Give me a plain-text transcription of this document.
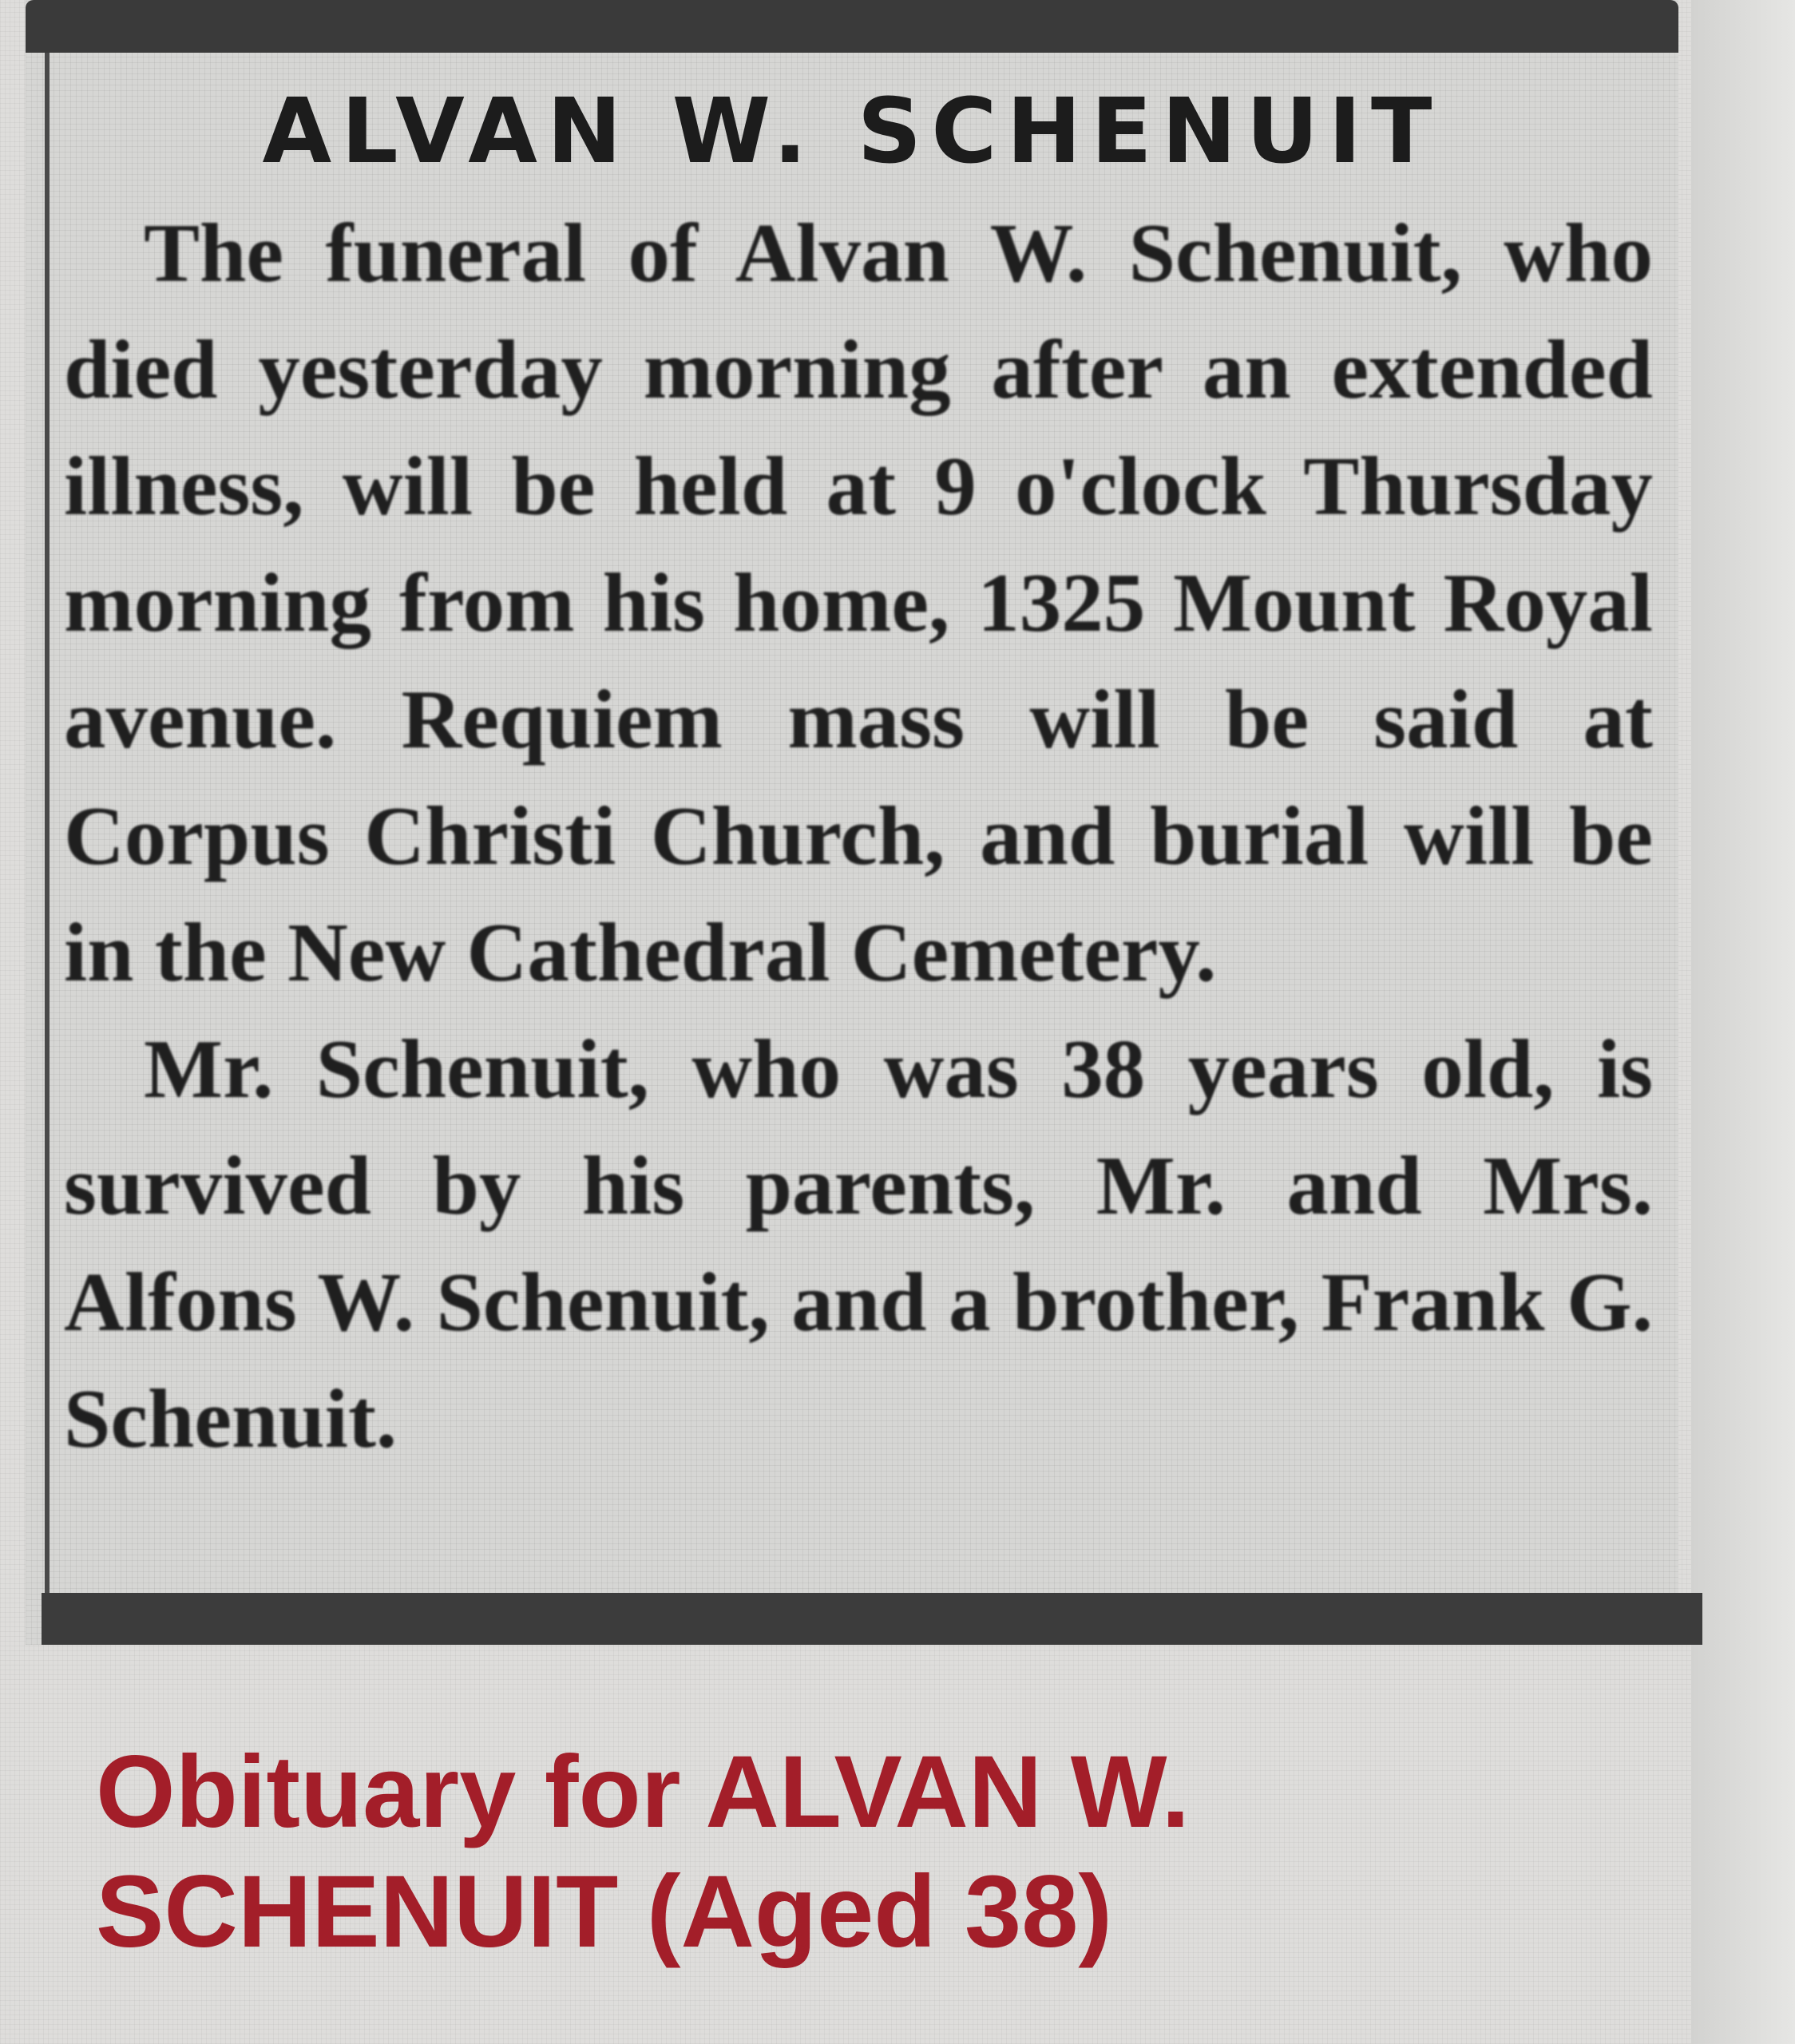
ALVAN W. SCHENUIT

The funeral of Alvan W. Schenuit, who died yesterday morning after an extended illness, will be held at 9 o'clock Thursday morning from his home, 1325 Mount Royal avenue. Requiem mass will be said at Corpus Christi Church, and burial will be in the New Cathedral Cemetery.

Mr. Schenuit, who was 38 years old, is survived by his parents, Mr. and Mrs. Alfons W. Schenuit, and a brother, Frank G. Schenuit.

Obituary for ALVAN W. SCHENUIT (Aged 38)
